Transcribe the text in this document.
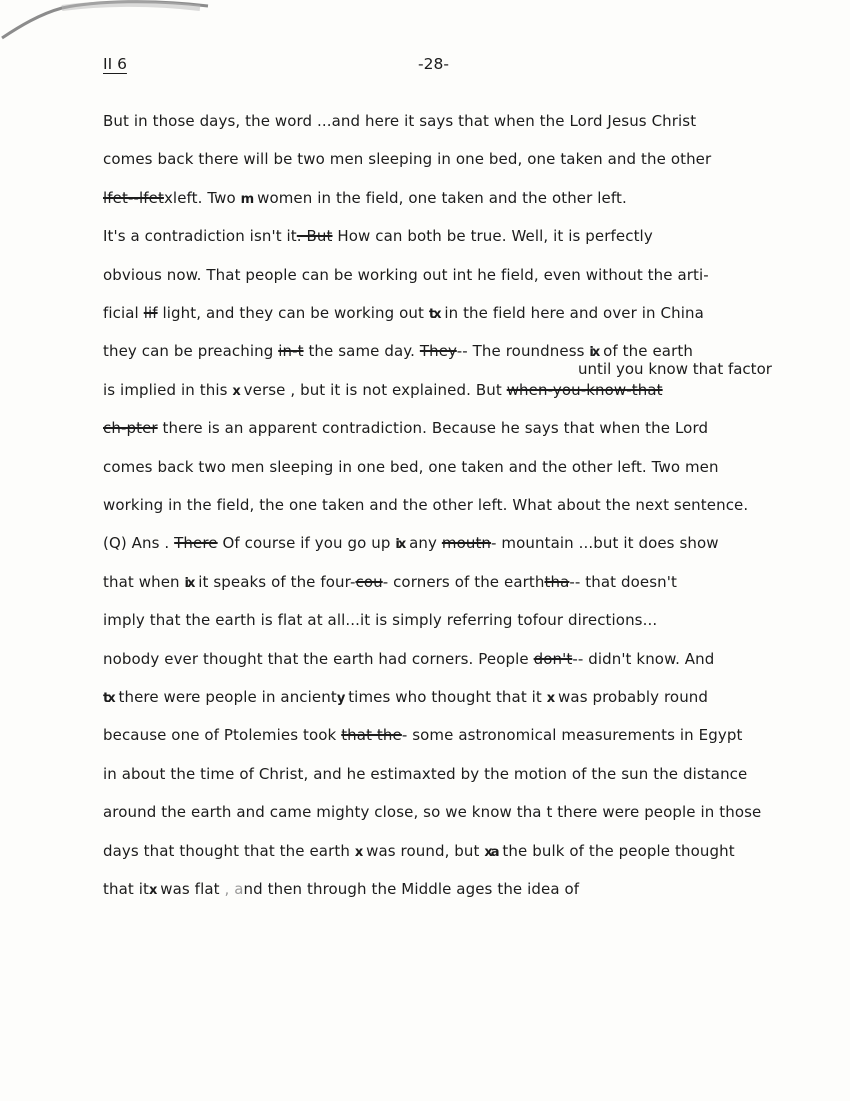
II 6	-28-
until you know that factor
But in those days, the word ...and here it says that when the Lord Jesus Christ
comes back there will be two men sleeping in one bed, one taken and the other
lfet--lfetxleft. Two m women in the field, one taken and the other left.
It's a contradiction isn't it. But How can both be true. Well, it is perfectly
obvious now. That people can be working out int he field, even without the arti-
ficial lif light, and they can be working out tx in the field here and over in China
they can be preaching in-t the same day. They-- The roundness ix of the earth
is implied in this x verse , but it is not explained. But when-you-know-that
ch-pter there is an apparent contradiction. Because he says that when the Lord
comes back two men sleeping in one bed, one taken and the other left. Two men
working in the field, the one taken and the other left. What about the next sentence.
(Q) Ans . There Of course if you go up ix any moutn- mountain ...but it does show
that when ix it speaks of the four-cou- corners of the earththa-- that doesn't
imply that the earth is flat at all...it is simply referring tofour directions...
nobody ever thought that the earth had corners. People don't-- didn't know. And
tx there were people in ancienty times who thought that it x was probably round
because one of Ptolemies took that the- some astronomical measurements in Egypt
in about the time of Christ, and he estimaxted by the motion of the sun the distance
around the earth and came mighty close, so we know tha t there were people in those
days that thought that the earth x was round, but xa the bulk of the people thought
that itx was flat , and then through the Middle ages the idea of
